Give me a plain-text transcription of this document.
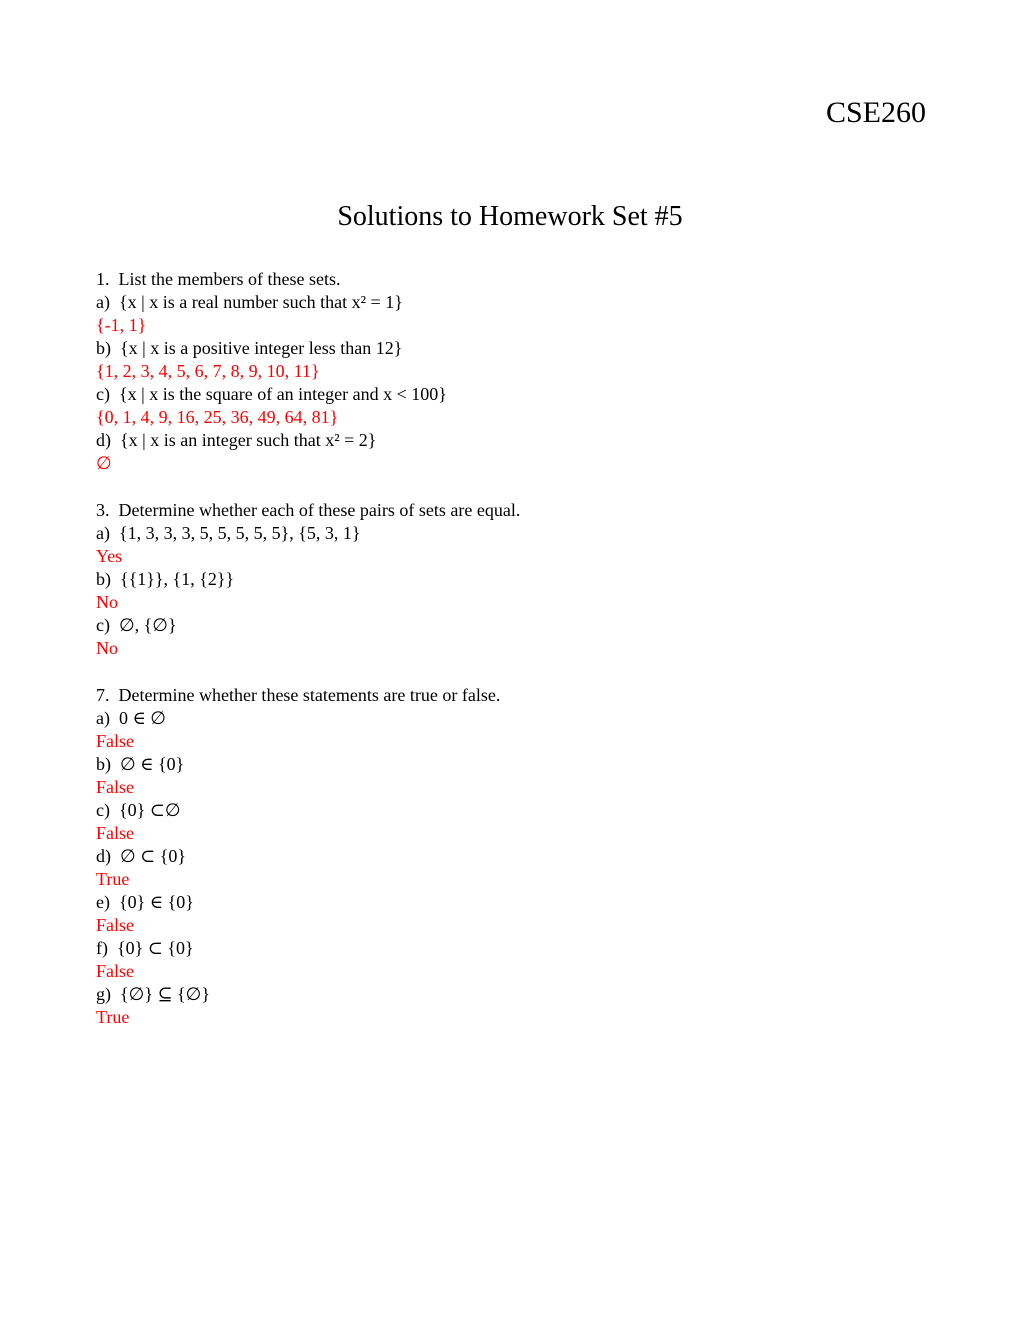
CSE260
Solutions to Homework Set #5
1.  List the members of these sets.
a)  {x | x is a real number such that x² = 1}
{-1, 1}
b)  {x | x is a positive integer less than 12}
{1, 2, 3, 4, 5, 6, 7, 8, 9, 10, 11}
c)  {x | x is the square of an integer and x < 100}
{0, 1, 4, 9, 16, 25, 36, 49, 64, 81}
d)  {x | x is an integer such that x² = 2}
∅
3.  Determine whether each of these pairs of sets are equal.
a)  {1, 3, 3, 3, 5, 5, 5, 5, 5}, {5, 3, 1}
Yes
b)  {{1}}, {1, {2}}
No
c)  ∅, {∅}
No
7.  Determine whether these statements are true or false.
a)  0 ∈ ∅
False
b)  ∅ ∈ {0}
False
c)  {0} ⊂∅
False
d)  ∅ ⊂ {0}
True
e)  {0} ∈ {0}
False
f)  {0} ⊂ {0}
False
g)  {∅} ⊆ {∅}
True
